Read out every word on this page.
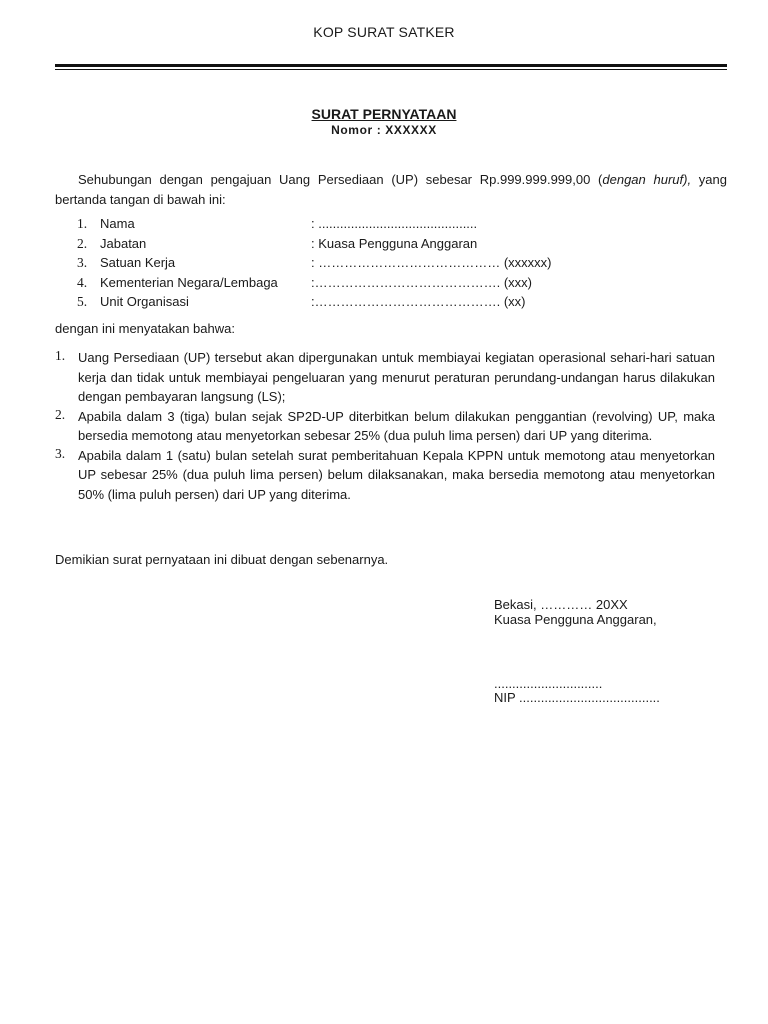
KOP SURAT SATKER
SURAT PERNYATAAN
Nomor : XXXXXX
Sehubungan dengan pengajuan Uang Persediaan (UP) sebesar Rp.999.999.999,00 (dengan huruf), yang bertanda tangan di bawah ini:
1. Nama	: ............................................
2. Jabatan	: Kuasa Pengguna Anggaran
3. Satuan Kerja	: …………………………………… (xxxxxx)
4. Kementerian Negara/Lembaga	:……………………………………. (xxx)
5. Unit Organisasi	:……………………………………. (xx)
dengan ini menyatakan bahwa:
1. Uang Persediaan (UP) tersebut akan dipergunakan untuk membiayai kegiatan operasional sehari-hari satuan kerja dan tidak untuk membiayai pengeluaran yang menurut peraturan perundang-undangan harus dilakukan dengan pembayaran langsung (LS);
2. Apabila dalam 3 (tiga) bulan sejak SP2D-UP diterbitkan belum dilakukan penggantian (revolving) UP, maka bersedia memotong atau menyetorkan sebesar 25% (dua puluh lima persen) dari UP yang diterima.
3. Apabila dalam 1 (satu) bulan setelah surat pemberitahuan Kepala KPPN untuk memotong atau menyetorkan UP sebesar 25% (dua puluh lima persen) belum dilaksanakan, maka bersedia memotong atau menyetorkan 50% (lima puluh persen) dari UP yang diterima.
Demikian surat pernyataan ini dibuat dengan sebenarnya.
Bekasi, ………… 20XX
Kuasa Pengguna Anggaran,
..............................
NIP .......................................
